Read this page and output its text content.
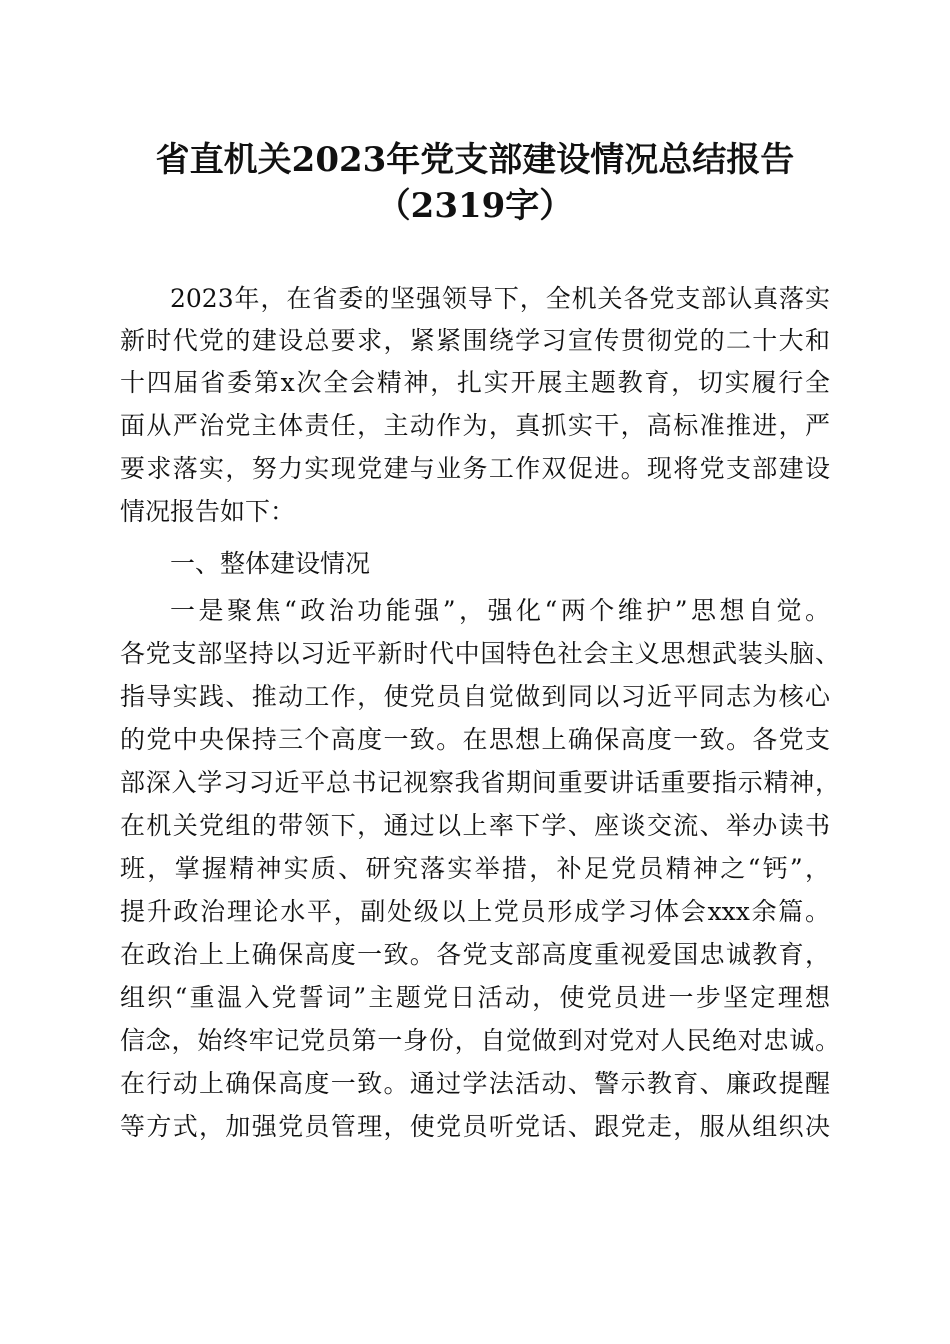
省直机关2023年党支部建设情况总结报告
（2319字）

2023年，在省委的坚强领导下，全机关各党支部认真落实

新时代党的建设总要求，紧紧围绕学习宣传贯彻党的二十大和

十四届省委第x次全会精神，扎实开展主题教育，切实履行全

面从严治党主体责任，主动作为，真抓实干，高标准推进，严

要求落实，努力实现党建与业务工作双促进。现将党支部建设

情况报告如下：

一、整体建设情况

一是聚焦“政治功能强”，强化“两个维护”思想自觉。

各党支部坚持以习近平新时代中国特色社会主义思想武装头脑、

指导实践、推动工作，使党员自觉做到同以习近平同志为核心

的党中央保持三个高度一致。在思想上确保高度一致。各党支

部深入学习习近平总书记视察我省期间重要讲话重要指示精神，

在机关党组的带领下，通过以上率下学、座谈交流、举办读书

班，掌握精神实质、研究落实举措，补足党员精神之“钙”，

提升政治理论水平，副处级以上党员形成学习体会xxx余篇。

在政治上上确保高度一致。各党支部高度重视爱国忠诚教育，

组织“重温入党誓词”主题党日活动，使党员进一步坚定理想

信念，始终牢记党员第一身份，自觉做到对党对人民绝对忠诚。

在行动上确保高度一致。通过学法活动、警示教育、廉政提醒

等方式，加强党员管理，使党员听党话、跟党走，服从组织决
